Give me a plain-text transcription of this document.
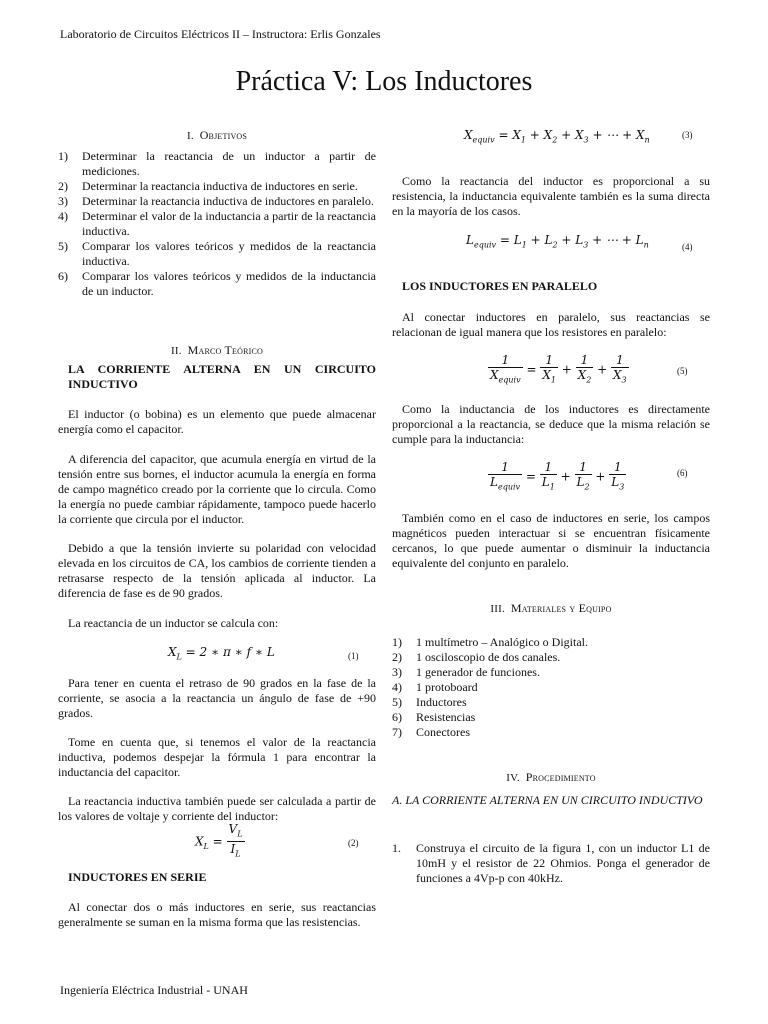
Laboratorio de Circuitos Eléctricos II – Instructora: Erlis Gonzales
Práctica V: Los Inductores
I. Objetivos
1) Determinar la reactancia de un inductor a partir de mediciones.
2) Determinar la reactancia inductiva de inductores en serie.
3) Determinar la reactancia inductiva de inductores en paralelo.
4) Determinar el valor de la inductancia a partir de la reactancia inductiva.
5) Comparar los valores teóricos y medidos de la reactancia inductiva.
6) Comparar los valores teóricos y medidos de la inductancia de un inductor.
II. Marco Teórico
LA CORRIENTE ALTERNA EN UN CIRCUITO INDUCTIVO
El inductor (o bobina) es un elemento que puede almacenar energía como el capacitor.
A diferencia del capacitor, que acumula energía en virtud de la tensión entre sus bornes, el inductor acumula la energía en forma de campo magnético creado por la corriente que lo circula. Como la energía no puede cambiar rápidamente, tampoco puede hacerlo la corriente que circula por el inductor.
Debido a que la tensión invierte su polaridad con velocidad elevada en los circuitos de CA, los cambios de corriente tienden a retrasarse respecto de la tensión aplicada al inductor. La diferencia de fase es de 90 grados.
La reactancia de un inductor se calcula con:
$X_L = 2$ ∗ π ∗ f ∗ L	(1)
Para tener en cuenta el retraso de 90 grados en la fase de la corriente, se asocia a la reactancia un ángulo de fase de +90 grados.
Tome en cuenta que, si tenemos el valor de la reactancia inductiva, podemos despejar la fórmula 1 para encontrar la inductancia del capacitor.
La reactancia inductiva también puede ser calculada a partir de los valores de voltaje y corriente del inductor:
$X_L = \frac{V_L}{I_L}$	(2)
INDUCTORES EN SERIE
Al conectar dos o más inductores en serie, sus reactancias generalmente se suman en la misma forma que las resistencias.
$X_{equiv} = X_1 + X_2 + X_3$ + ⋯ + $X_n$	(3)
Como la reactancia del inductor es proporcional a su resistencia, la inductancia equivalente también es la suma directa en la mayoría de los casos.
$L_{equiv} = L_1 + L_2 + L_3$ + ⋯ + $L_n$	(4)
LOS INDUCTORES EN PARALELO
Al conectar inductores en paralelo, sus reactancias se relacionan de igual manera que los resistores en paralelo:
$\frac{1}{X_{equiv}} = \frac{1}{X_1} + \frac{1}{X_2} + \frac{1}{X_3}$	(5)
Como la inductancia de los inductores es directamente proporcional a la reactancia, se deduce que la misma relación se cumple para la inductancia:
$\frac{1}{L_{equiv}} = \frac{1}{L_1} + \frac{1}{L_2} + \frac{1}{L_3}$	(6)
También como en el caso de inductores en serie, los campos magnéticos pueden interactuar si se encuentran físicamente cercanos, lo que puede aumentar o disminuir la inductancia equivalente del conjunto en paralelo.
III. Materiales y Equipo
1) 1 multímetro – Analógico o Digital.
2) 1 osciloscopio de dos canales.
3) 1 generador de funciones.
4) 1 protoboard
5) Inductores
6) Resistencias
7) Conectores
IV. Procedimiento
A. LA CORRIENTE ALTERNA EN UN CIRCUITO INDUCTIVO
1. Construya el circuito de la figura 1, con un inductor L1 de 10mH y el resistor de 22 Ohmios. Ponga el generador de funciones a 4Vp-p con 40kHz.
Ingeniería Eléctrica Industrial - UNAH
